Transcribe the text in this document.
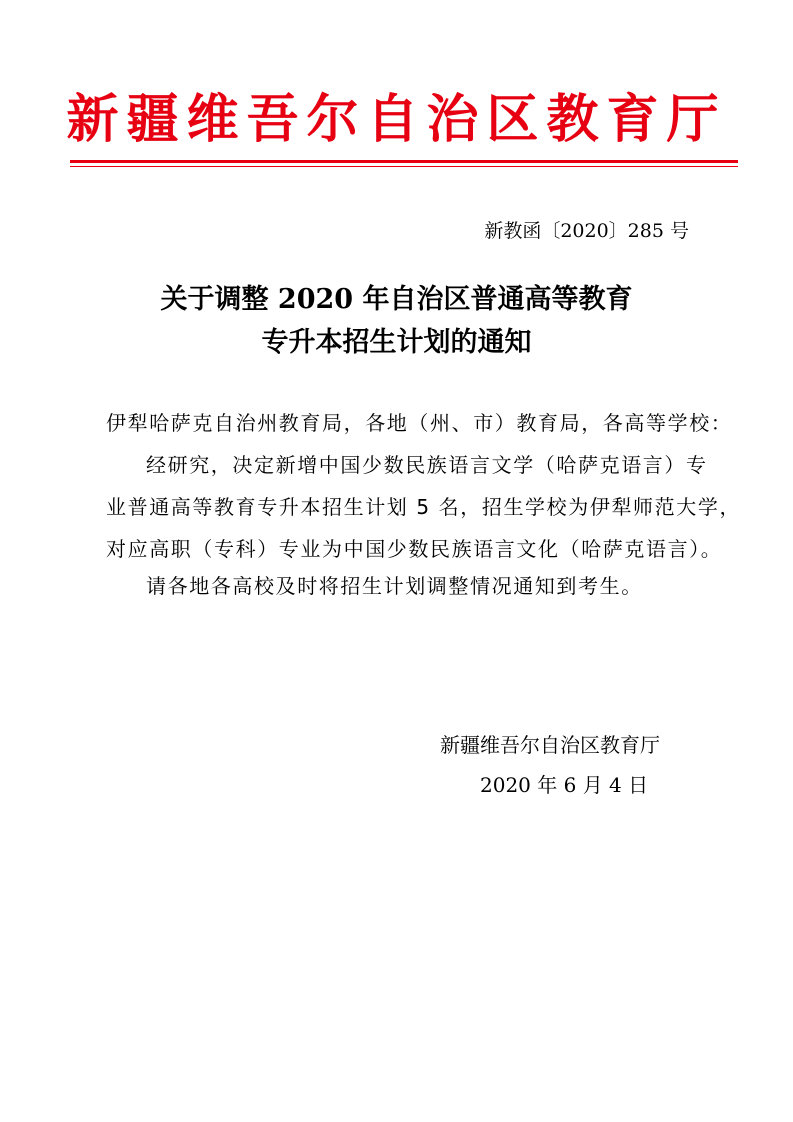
新疆维吾尔自治区教育厅
新教函〔2020〕285 号
关于调整 2020 年自治区普通高等教育
专升本招生计划的通知
伊犁哈萨克自治州教育局，各地（州、市）教育局，各高等学校：
经研究，决定新增中国少数民族语言文学（哈萨克语言）专
业普通高等教育专升本招生计划 5 名，招生学校为伊犁师范大学，
对应高职（专科）专业为中国少数民族语言文化（哈萨克语言）。
请各地各高校及时将招生计划调整情况通知到考生。
新疆维吾尔自治区教育厅
2020 年 6 月 4 日
